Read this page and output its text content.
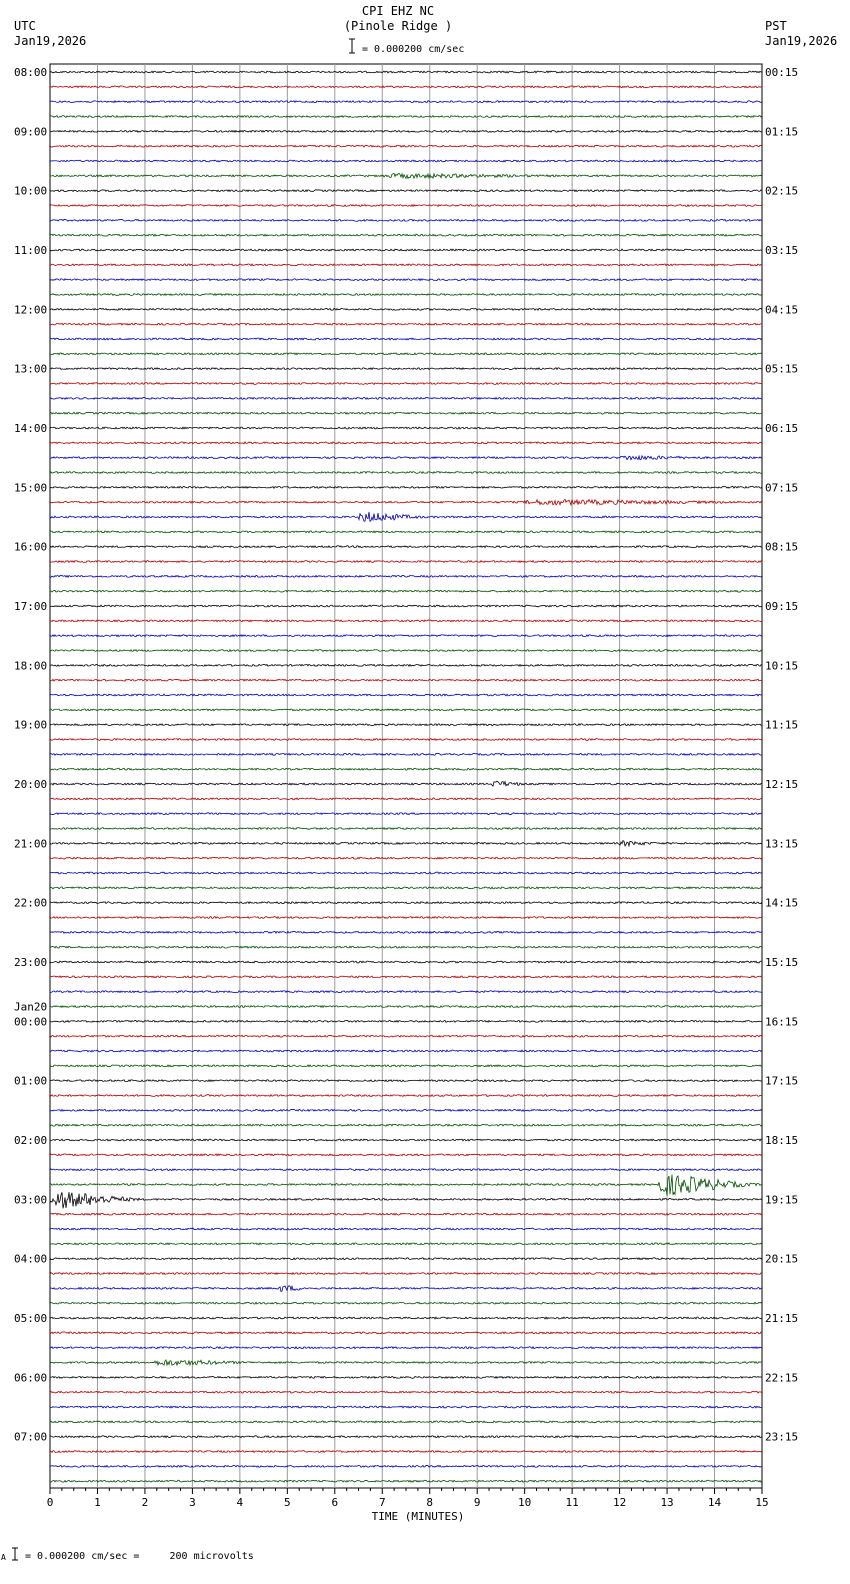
CPI EHZ NC
(Pinole Ridge )
UTC
Jan19,2026
PST
Jan19,2026
= 0.000200 cm/sec
08:00	00:15
09:00	01:15
10:00	02:15
11:00	03:15
12:00	04:15
13:00	05:15
14:00	06:15
15:00	07:15
16:00	08:15
17:00	09:15
18:00	10:15
19:00	11:15
20:00	12:15
21:00	13:15
22:00	14:15
23:00	15:15
00:00	16:15
01:00	17:15
02:00	18:15
03:00	19:15
04:00	20:15
05:00	21:15
06:00	22:15
07:00	23:15
Jan20
0	1	2	3	4	5	6	7	8	9	10	11	12	13	14	15
TIME (MINUTES)
A = 0.000200 cm/sec =     200 microvolts
